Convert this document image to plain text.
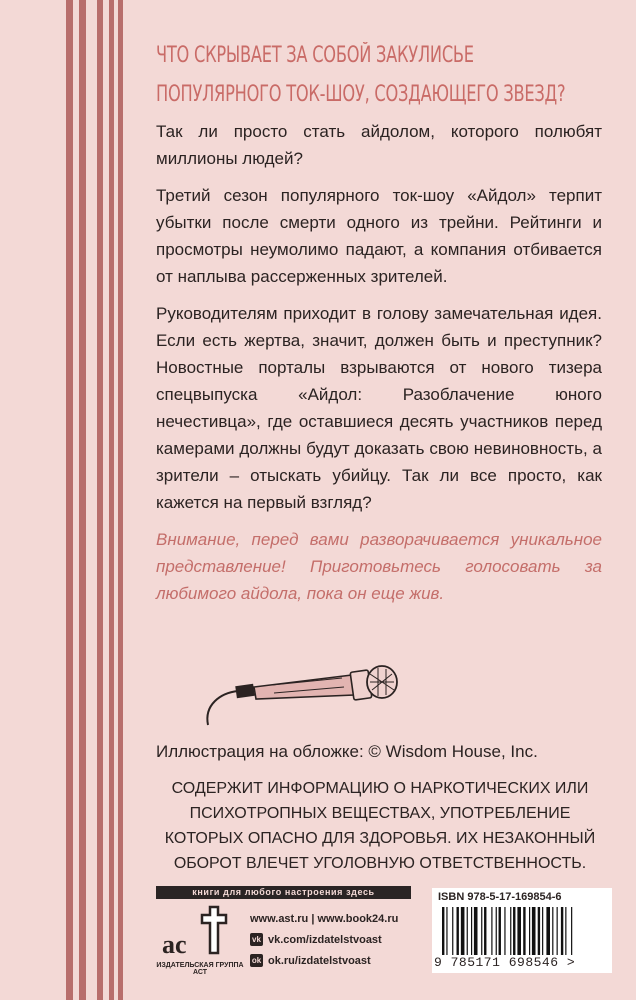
ЧТО СКРЫВАЕТ ЗА СОБОЙ ЗАКУЛИСЬЕ ПОПУЛЯРНОГО ТОК-ШОУ, СОЗДАЮЩЕГО ЗВЕЗД?

Так ли просто стать айдолом, которого полюбят миллионы людей?

Третий сезон популярного ток-шоу «Айдол» терпит убытки после смерти одного из трейни. Рейтинги и просмотры неумолимо падают, а компания отбивается от наплыва рассерженных зрителей.

Руководителям приходит в голову замечательная идея. Если есть жертва, значит, должен быть и преступник? Новостные порталы взрываются от нового тизера спецвыпуска «Айдол: Разоблачение юного нечестивца», где оставшиеся десять участников перед камерами должны будут доказать свою невиновность, а зрители – отыскать убийцу. Так ли все просто, как кажется на первый взгляд?

Внимание, перед вами разворачивается уникальное представление! Приготовьтесь голосовать за любимого айдола, пока он еще жив.

Иллюстрация на обложке: © Wisdom House, Inc.
СОДЕРЖИТ ИНФОРМАЦИЮ О НАРКОТИЧЕСКИХ ИЛИ ПСИХОТРОПНЫХ ВЕЩЕСТВАХ, УПОТРЕБЛЕНИЕ КОТОРЫХ ОПАСНО ДЛЯ ЗДОРОВЬЯ. ИХ НЕЗАКОННЫЙ ОБОРОТ ВЛЕЧЕТ УГОЛОВНУЮ ОТВЕТСТВЕННОСТЬ.
книги для любого настроения здесь
ac
ИЗДАТЕЛЬСКАЯ ГРУППА АСТ
www.ast.ru | www.book24.ru
vk vk.com/izdatelstvoast
ok ok.ru/izdatelstvoast
ISBN 978-5-17-169854-6
9 785171 698546 >
